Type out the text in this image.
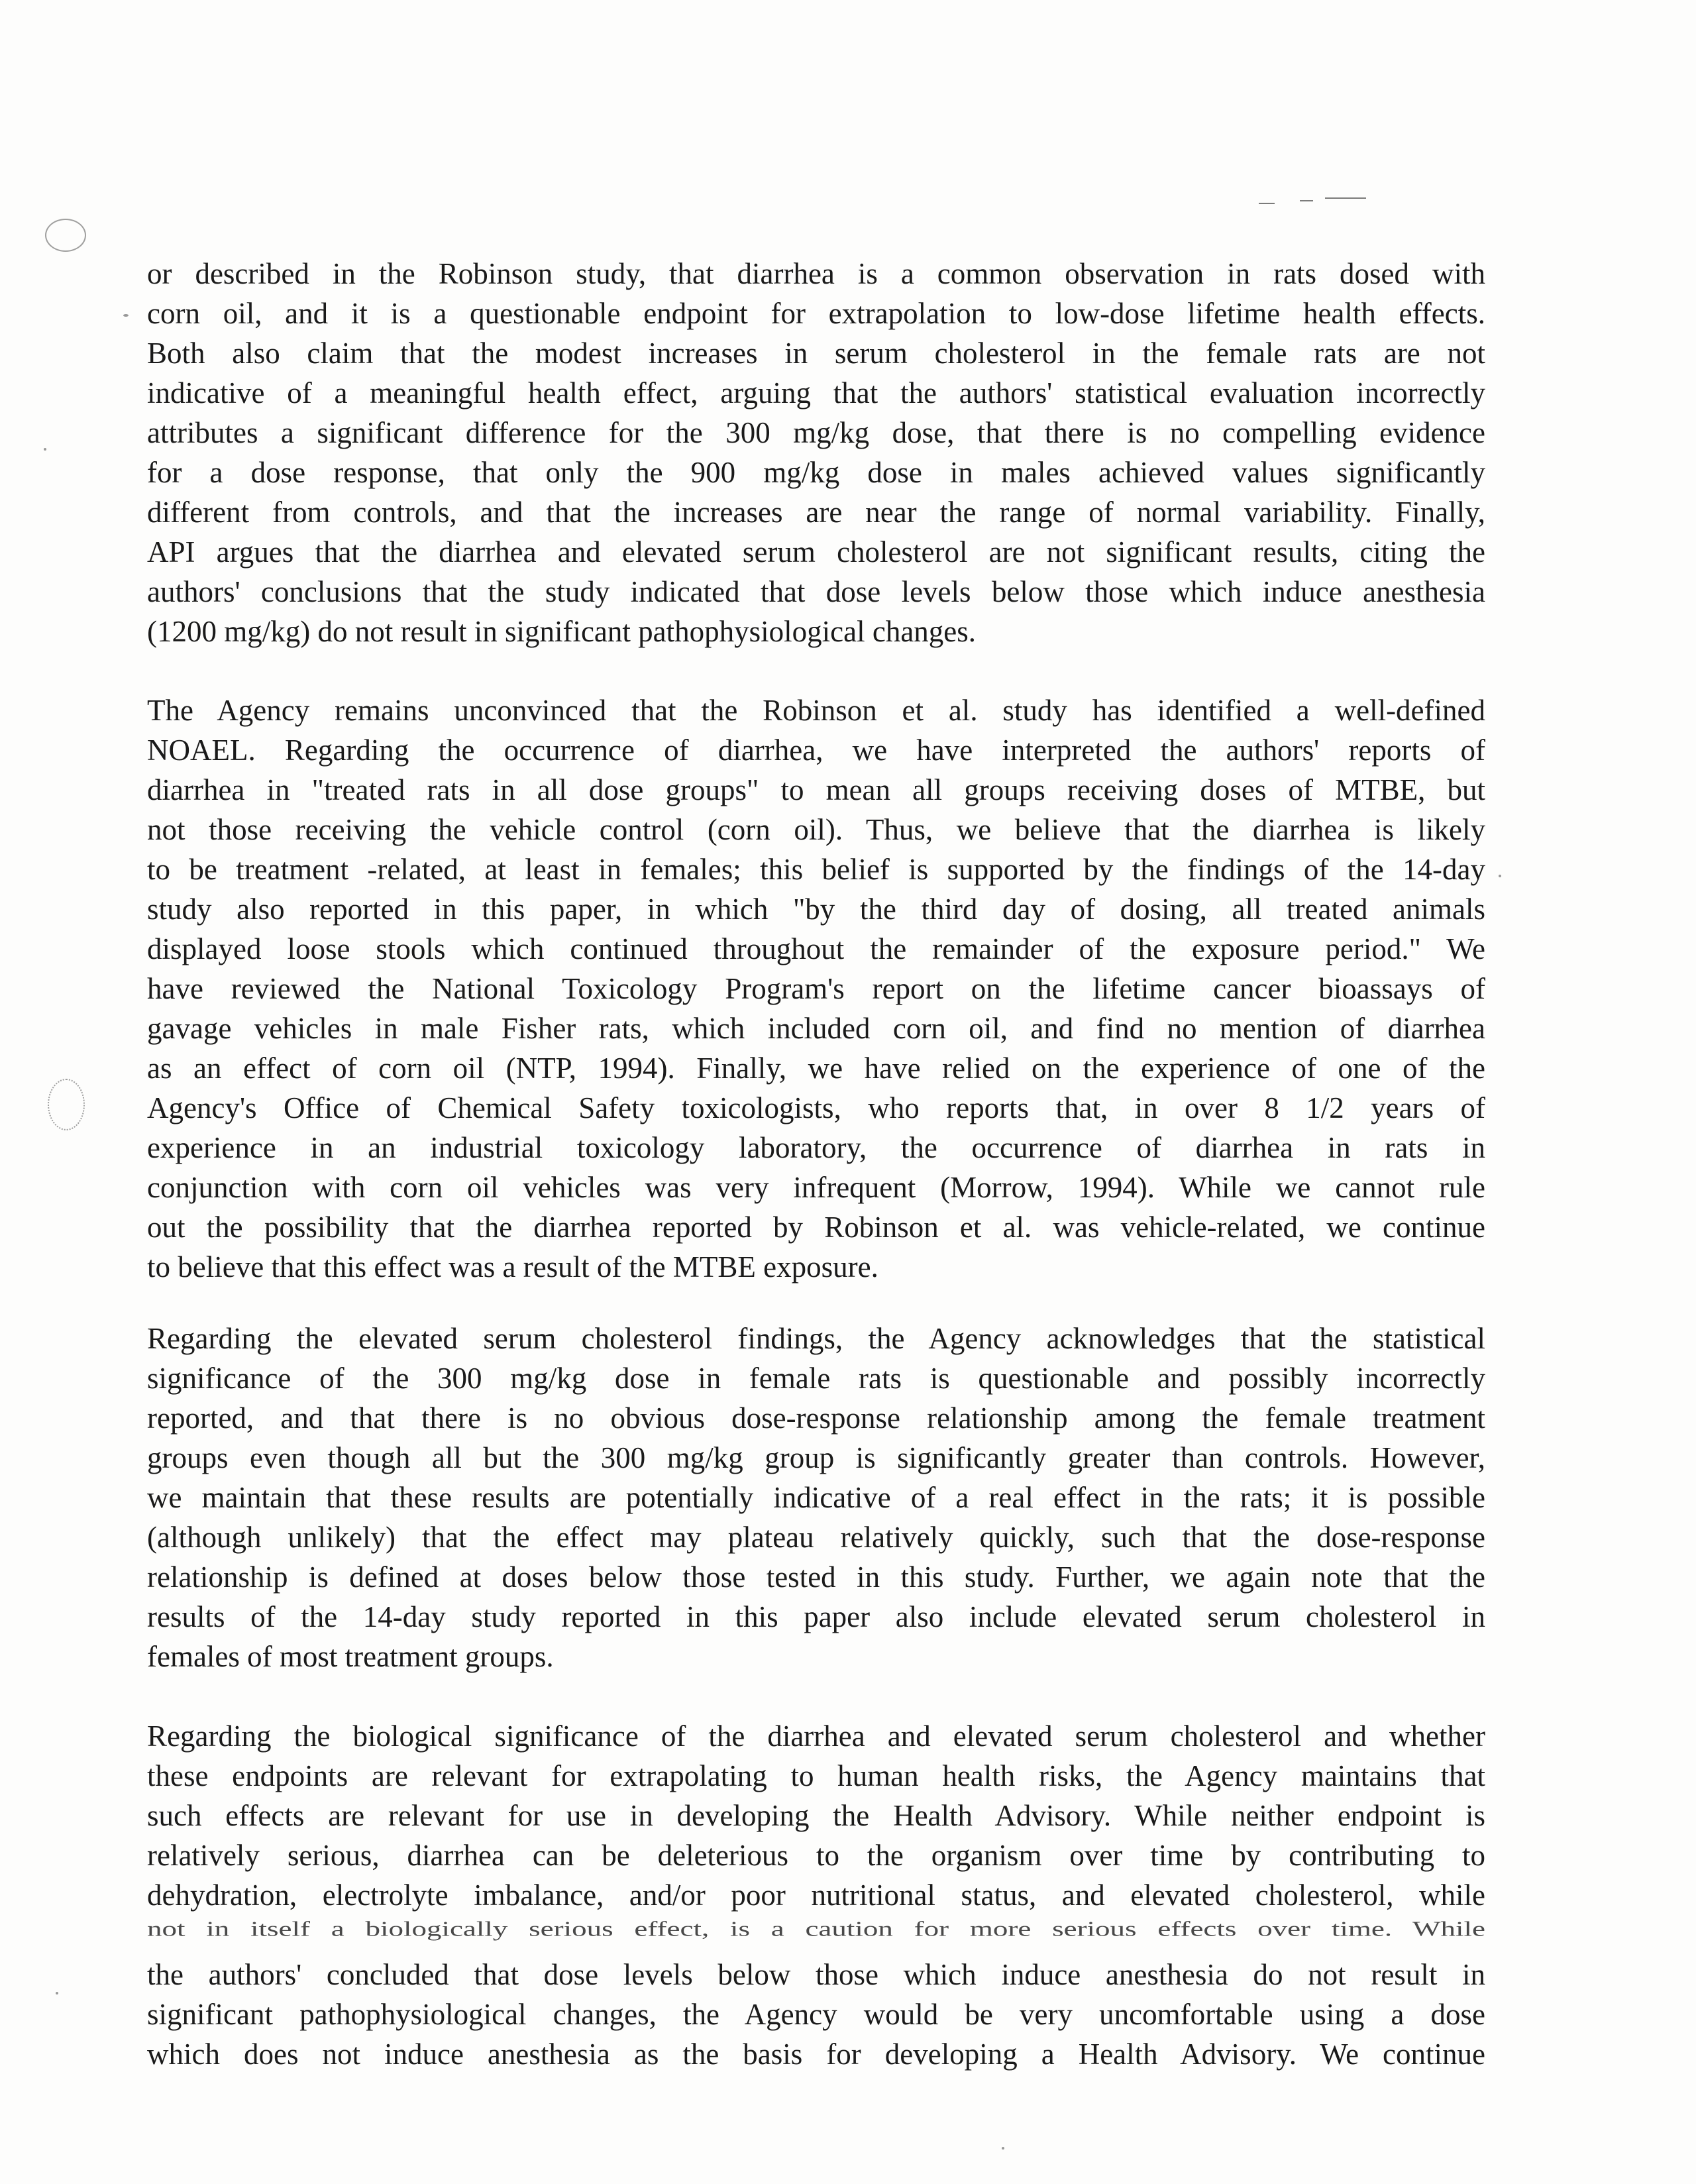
or described in the Robinson study, that diarrhea is a common observation in rats dosed with
corn oil, and it is a questionable endpoint for extrapolation to low-dose lifetime health effects.
Both also claim that the modest increases in serum cholesterol in the female rats are not
indicative of a meaningful health effect, arguing that the authors' statistical evaluation incorrectly
attributes a significant difference for the 300 mg/kg dose, that there is no compelling evidence
for a dose response, that only the 900 mg/kg dose in males achieved values significantly
different from controls, and that the increases are near the range of normal variability. Finally,
API argues that the diarrhea and elevated serum cholesterol are not significant results, citing the
authors' conclusions that the study indicated that dose levels below those which induce anesthesia
(1200 mg/kg) do not result in significant pathophysiological changes.
The Agency remains unconvinced that the Robinson et al. study has identified a well-defined
NOAEL. Regarding the occurrence of diarrhea, we have interpreted the authors' reports of
diarrhea in "treated rats in all dose groups" to mean all groups receiving doses of MTBE, but
not those receiving the vehicle control (corn oil). Thus, we believe that the diarrhea is likely
to be treatment -related, at least in females; this belief is supported by the findings of the 14-day
study also reported in this paper, in which "by the third day of dosing, all treated animals
displayed loose stools which continued throughout the remainder of the exposure period." We
have reviewed the National Toxicology Program's report on the lifetime cancer bioassays of
gavage vehicles in male Fisher rats, which included corn oil, and find no mention of diarrhea
as an effect of corn oil (NTP, 1994). Finally, we have relied on the experience of one of the
Agency's Office of Chemical Safety toxicologists, who reports that, in over 8 1/2 years of
experience in an industrial toxicology laboratory, the occurrence of diarrhea in rats in
conjunction with corn oil vehicles was very infrequent (Morrow, 1994). While we cannot rule
out the possibility that the diarrhea reported by Robinson et al. was vehicle-related, we continue
to believe that this effect was a result of the MTBE exposure.
Regarding the elevated serum cholesterol findings, the Agency acknowledges that the statistical
significance of the 300 mg/kg dose in female rats is questionable and possibly incorrectly
reported, and that there is no obvious dose-response relationship among the female treatment
groups even though all but the 300 mg/kg group is significantly greater than controls. However,
we maintain that these results are potentially indicative of a real effect in the rats; it is possible
(although unlikely) that the effect may plateau relatively quickly, such that the dose-response
relationship is defined at doses below those tested in this study. Further, we again note that the
results of the 14-day study reported in this paper also include elevated serum cholesterol in
females of most treatment groups.
Regarding the biological significance of the diarrhea and elevated serum cholesterol and whether
these endpoints are relevant for extrapolating to human health risks, the Agency maintains that
such effects are relevant for use in developing the Health Advisory. While neither endpoint is
relatively serious, diarrhea can be deleterious to the organism over time by contributing to
dehydration, electrolyte imbalance, and/or poor nutritional status, and elevated cholesterol, while
not in itself a biologically serious effect, is a caution for more serious effects over time. While
the authors' concluded that dose levels below those which induce anesthesia do not result in
significant pathophysiological changes, the Agency would be very uncomfortable using a dose
which does not induce anesthesia as the basis for developing a Health Advisory. We continue
